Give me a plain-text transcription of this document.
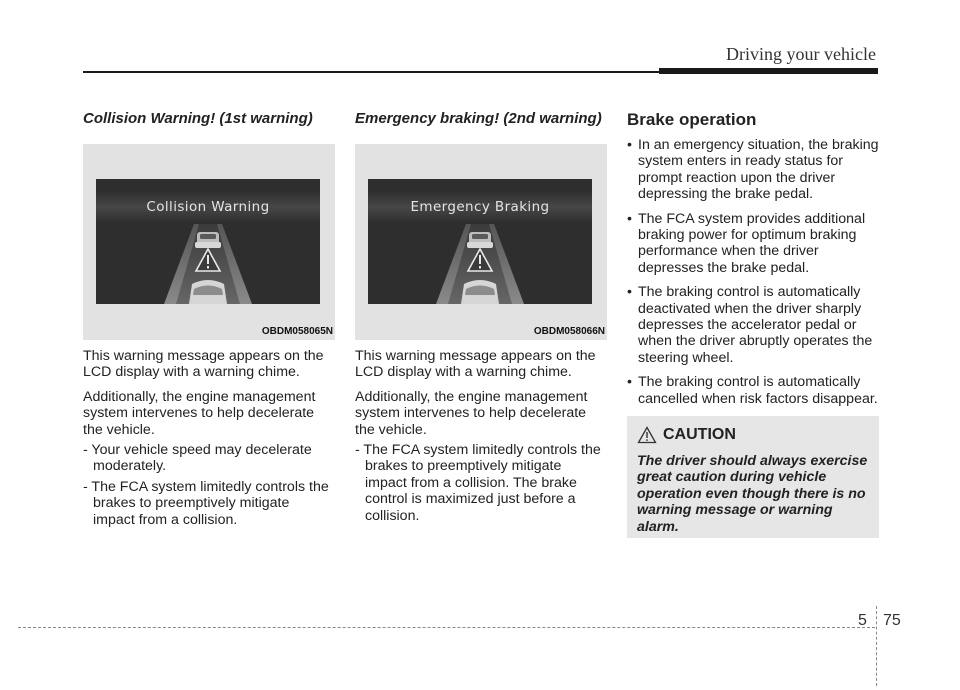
Driving your vehicle
Collision Warning! (1st warning)
Collision Warning
OBDM058065N

This warning message appears on the LCD display with a warning chime.

Additionally, the engine management system intervenes to help decelerate the vehicle.

- Your vehicle speed may decelerate moderately.

- The FCA system limitedly controls the brakes to preemptively mitigate impact from a collision.

Emergency braking! (2nd warning)
Emergency Braking
OBDM058066N

This warning message appears on the LCD display with a warning chime.

Additionally, the engine management system intervenes to help decelerate the vehicle.

- The FCA system limitedly controls the brakes to preemptively mitigate impact from a collision. The brake control is maximized just before a collision.

Brake operation
• In an emergency situation, the braking system enters in ready status for prompt reaction upon the driver depressing the brake pedal.
• The FCA system provides additional braking power for optimum braking performance when the driver depresses the brake pedal.
• The braking control is automatically deactivated when the driver sharply depresses the accelerator pedal or when the driver abruptly operates the steering wheel.
• The braking control is automatically cancelled when risk factors disappear.
CAUTION
The driver should always exercise great caution during vehicle operation even though there is no warning message or warning alarm.
5 75
